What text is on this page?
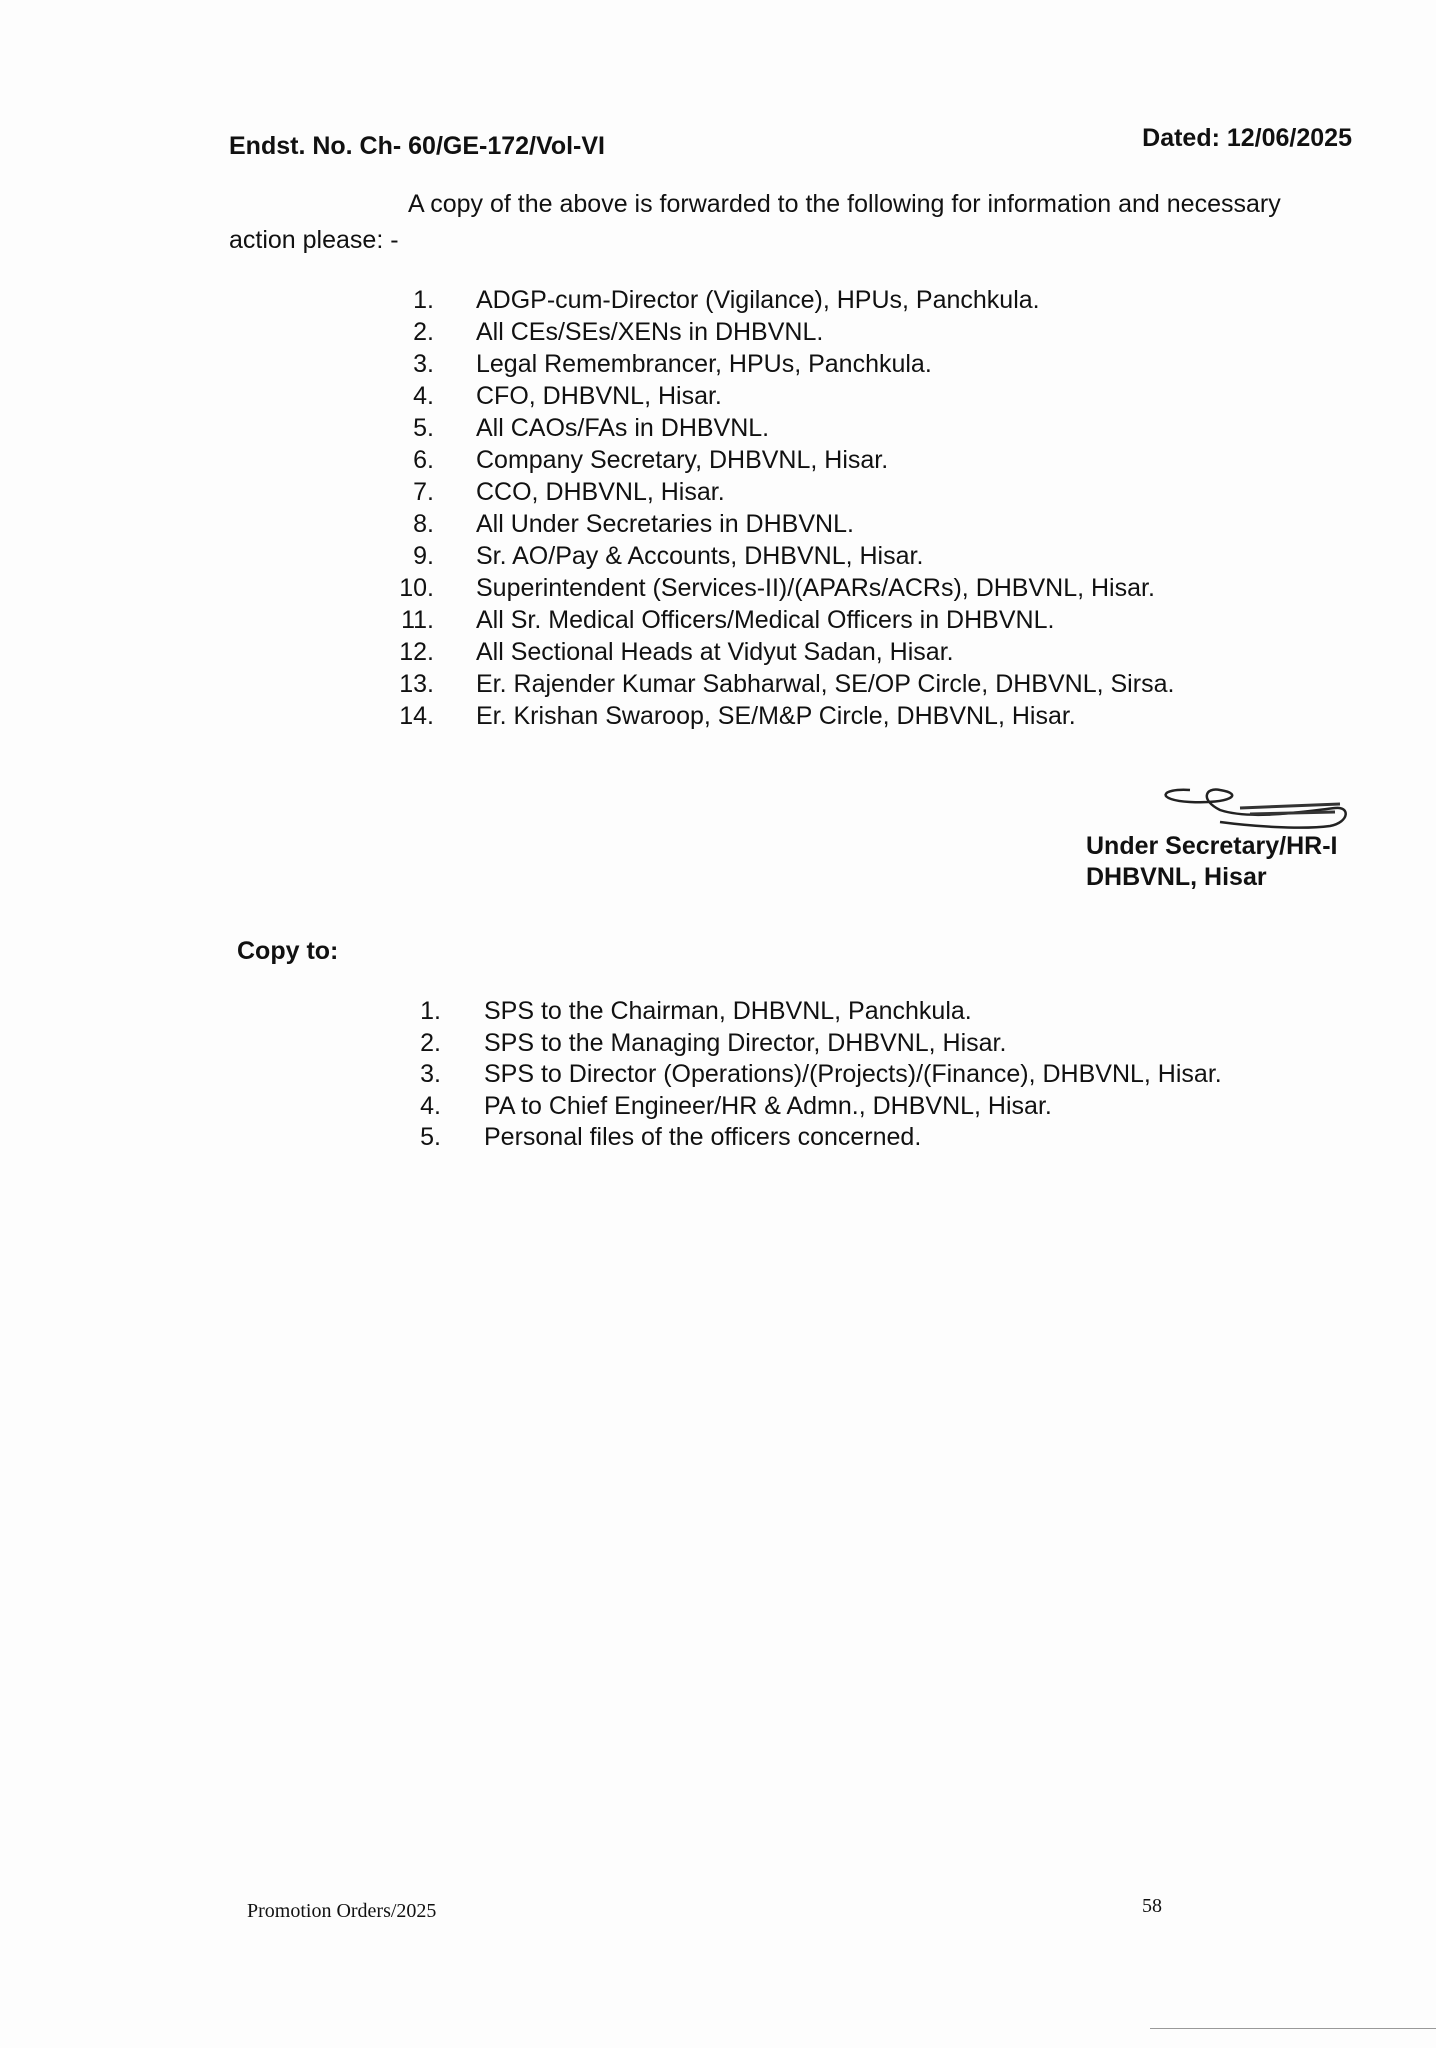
Endst. No. Ch- 60/GE-172/Vol-VI	Dated: 12/06/2025
A copy of the above is forwarded to the following for information and necessary
action please: -
1. ADGP-cum-Director (Vigilance), HPUs, Panchkula.
2. All CEs/SEs/XENs in DHBVNL.
3. Legal Remembrancer, HPUs, Panchkula.
4. CFO, DHBVNL, Hisar.
5. All CAOs/FAs in DHBVNL.
6. Company Secretary, DHBVNL, Hisar.
7. CCO, DHBVNL, Hisar.
8. All Under Secretaries in DHBVNL.
9. Sr. AO/Pay & Accounts, DHBVNL, Hisar.
10. Superintendent (Services-II)/(APARs/ACRs), DHBVNL, Hisar.
11. All Sr. Medical Officers/Medical Officers in DHBVNL.
12. All Sectional Heads at Vidyut Sadan, Hisar.
13. Er. Rajender Kumar Sabharwal, SE/OP Circle, DHBVNL, Sirsa.
14. Er. Krishan Swaroop, SE/M&P Circle, DHBVNL, Hisar.
Under Secretary/HR-I
DHBVNL, Hisar
Copy to:
1. SPS to the Chairman, DHBVNL, Panchkula.
2. SPS to the Managing Director, DHBVNL, Hisar.
3. SPS to Director (Operations)/(Projects)/(Finance), DHBVNL, Hisar.
4. PA to Chief Engineer/HR & Admn., DHBVNL, Hisar.
5. Personal files of the officers concerned.
Promotion Orders/2025	58
